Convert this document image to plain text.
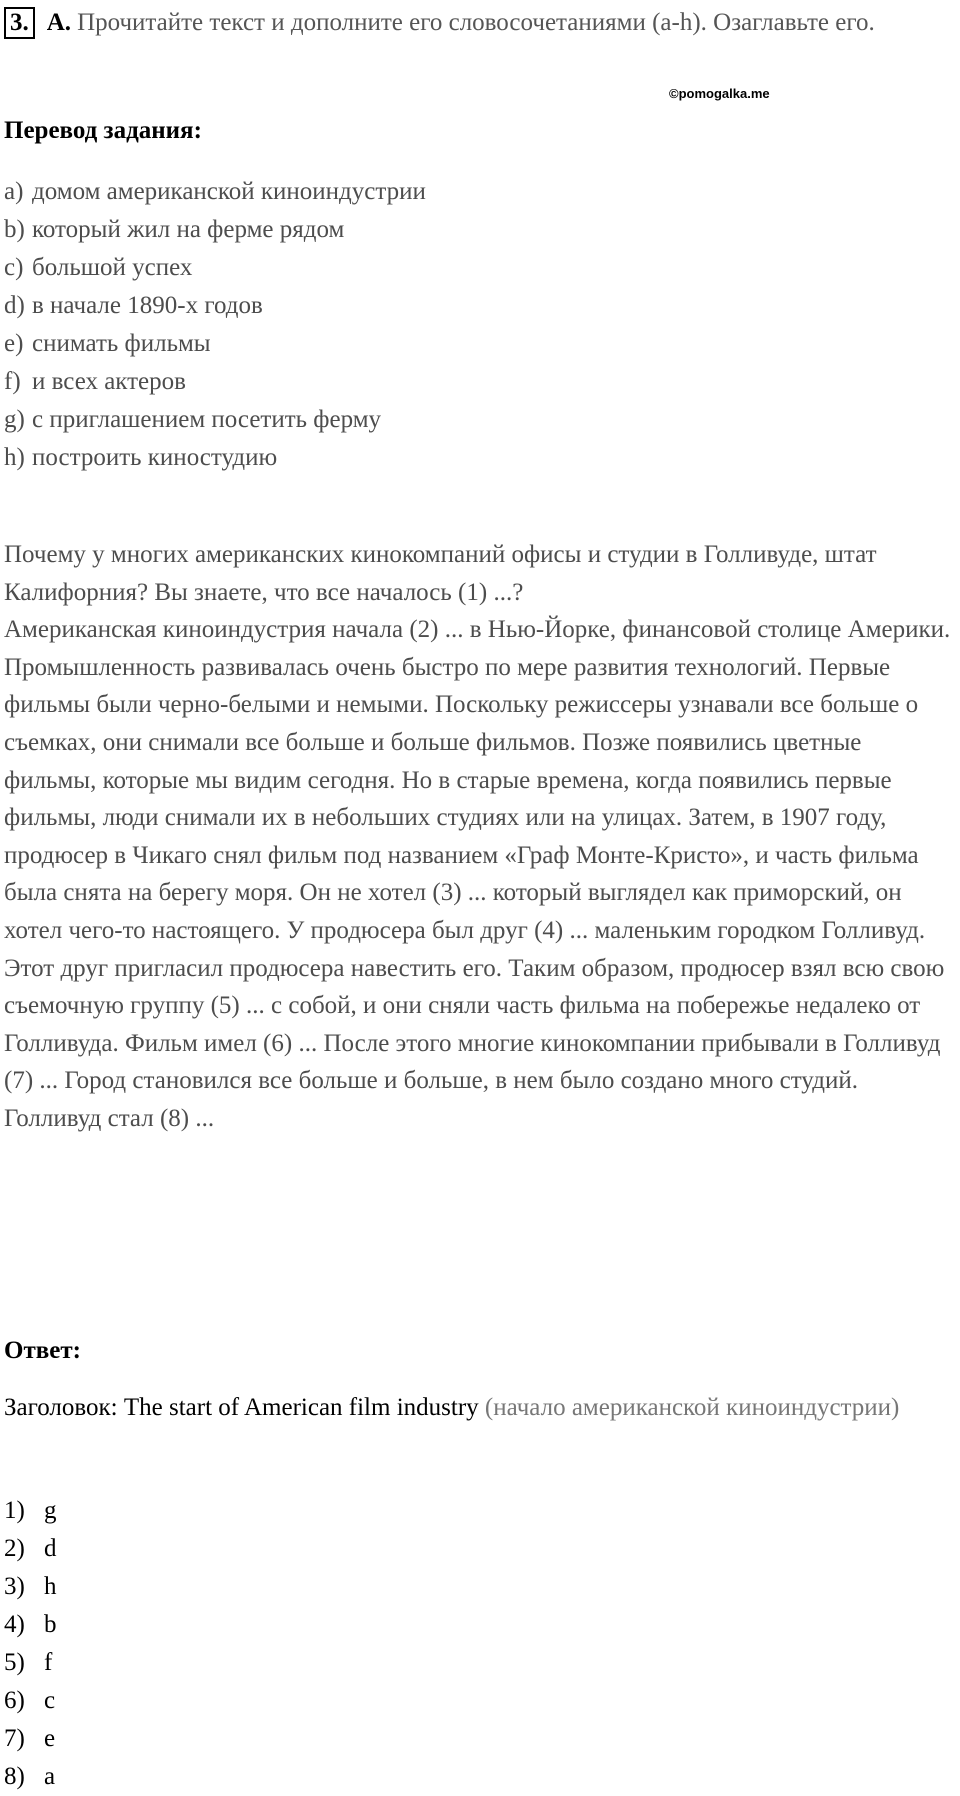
3. A. Прочитайте текст и дополните его словосочетаниями (a-h). Озаглавьте его.
©pomogalka.me
Перевод задания:
a) домом американской киноиндустрии
b) который жил на ферме рядом
c) большой успех
d) в начале 1890-х годов
e) снимать фильмы
f) и всех актеров
g) с приглашением посетить ферму
h) построить киностудию

Почему у многих американских кинокомпаний офисы и студии в Голливуде, штат Калифорния? Вы знаете, что все началось (1) ...?
Американская киноиндустрия начала (2) ... в Нью-Йорке, финансовой столице Америки. Промышленность развивалась очень быстро по мере развития технологий. Первые фильмы были черно-белыми и немыми. Поскольку режиссеры узнавали все больше о съемках, они снимали все больше и больше фильмов. Позже появились цветные фильмы, которые мы видим сегодня. Но в старые времена, когда появились первые фильмы, люди снимали их в небольших студиях или на улицах. Затем, в 1907 году, продюсер в Чикаго снял фильм под названием «Граф Монте-Кристо», и часть фильма была снята на берегу моря. Он не хотел (3) ... который выглядел как приморский, он хотел чего-то настоящего. У продюсера был друг (4) ... маленьким городком Голливуд. Этот друг пригласил продюсера навестить его. Таким образом, продюсер взял всю свою съемочную группу (5) ... с собой, и они сняли часть фильма на побережье недалеко от Голливуда. Фильм имел (6) ... После этого многие кинокомпании прибывали в Голливуд (7) ... Город становился все больше и больше, в нем было создано много студий.
Голливуд стал (8) ...

Ответ:
Заголовок: The start of American film industry (начало американской киноиндустрии)
1) g
2) d
3) h
4) b
5) f
6) c
7) e
8) a
